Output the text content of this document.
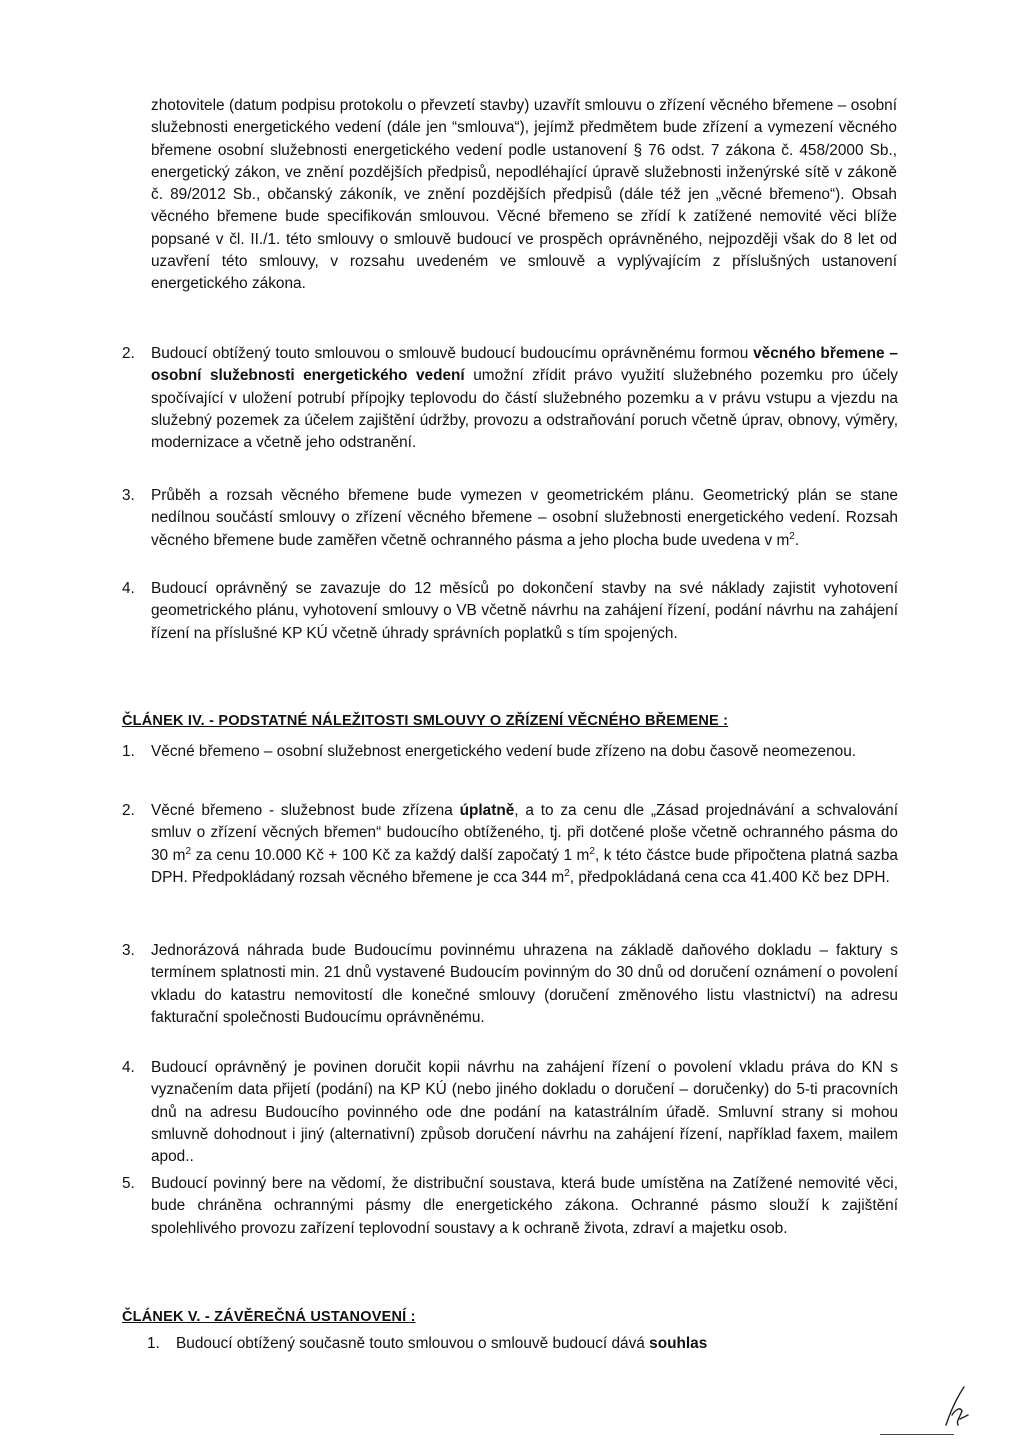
zhotovitele (datum podpisu protokolu o převzetí stavby) uzavřít smlouvu o zřízení věcného břemene – osobní služebnosti energetického vedení (dále jen “smlouva“), jejímž předmětem bude zřízení a vymezení věcného břemene osobní služebnosti energetického vedení podle ustanovení § 76 odst. 7 zákona č. 458/2000 Sb., energetický zákon, ve znění pozdějších předpisů, nepodléhající úpravě služebnosti inženýrské sítě v zákoně č. 89/2012 Sb., občanský zákoník, ve znění pozdějších předpisů (dále též jen „věcné břemeno“). Obsah věcného břemene bude specifikován smlouvou. Věcné břemeno se zřídí k zatížené nemovité věci blíže popsané v čl. II./1. této smlouvy o smlouvě budoucí ve prospěch oprávněného, nejpozději však do 8 let od uzavření této smlouvy, v rozsahu uvedeném ve smlouvě a vyplývajícím z příslušných ustanovení energetického zákona.
2.	Budoucí obtížený touto smlouvou o smlouvě budoucí budoucímu oprávněnému formou věcného břemene – osobní služebnosti energetického vedení umožní zřídit právo využití služebného pozemku pro účely spočívající v uložení potrubí přípojky teplovodu do částí služebného pozemku a v právu vstupu a vjezdu na služebný pozemek za účelem zajištění údržby, provozu a odstraňování poruch včetně úprav, obnovy, výměry, modernizace a včetně jeho odstranění.
3.	Průběh a rozsah věcného břemene bude vymezen v geometrickém plánu. Geometrický plán se stane nedílnou součástí smlouvy o zřízení věcného břemene – osobní služebnosti energetického vedení. Rozsah věcného břemene bude zaměřen včetně ochranného pásma a jeho plocha bude uvedena v $m^2$.
4.	Budoucí oprávněný se zavazuje do 12 měsíců po dokončení stavby na své náklady zajistit vyhotovení geometrického plánu, vyhotovení smlouvy o VB včetně návrhu na zahájení řízení, podání návrhu na zahájení řízení na příslušné KP KÚ včetně úhrady správních poplatků s tím spojených.
ČLÁNEK IV. - PODSTATNÉ NÁLEŽITOSTI SMLOUVY O ZŘÍZENÍ VĚCNÉHO BŘEMENE :
1.	Věcné břemeno – osobní služebnost energetického vedení bude zřízeno na dobu časově neomezenou.
2.	Věcné břemeno - služebnost bude zřízena úplatně, a to za cenu dle „Zásad projednávání a schvalování smluv o zřízení věcných břemen“ budoucího obtíženého, tj. při dotčené ploše včetně ochranného pásma do 30 $m^2$ za cenu 10.000 Kč + 100 Kč za každý další započatý 1 $m^2$, k této částce bude připočtena platná sazba DPH. Předpokládaný rozsah věcného břemene je cca 344 $m^2$, předpokládaná cena cca 41.400 Kč bez DPH.
3.	Jednorázová náhrada bude Budoucímu povinnému uhrazena na základě daňového dokladu – faktury s termínem splatnosti min. 21 dnů vystavené Budoucím povinným do 30 dnů od doručení oznámení o povolení vkladu do katastru nemovitostí dle konečné smlouvy (doručení změnového listu vlastnictví) na adresu fakturační společnosti Budoucímu oprávněnému.
4.	Budoucí oprávněný je povinen doručit kopii návrhu na zahájení řízení o povolení vkladu práva do KN s vyznačením data přijetí (podání) na KP KÚ (nebo jiného dokladu o doručení – doručenky) do 5-ti pracovních dnů na adresu Budoucího povinného ode dne podání na katastrálním úřadě. Smluvní strany si mohou smluvně dohodnout i jiný (alternativní) způsob doručení návrhu na zahájení řízení, například faxem, mailem apod..
5.	Budoucí povinný bere na vědomí, že distribuční soustava, která bude umístěna na Zatížené nemovité věci, bude chráněna ochrannými pásmy dle energetického zákona. Ochranné pásmo slouží k zajištění spolehlivého provozu zařízení teplovodní soustavy a k ochraně života, zdraví a majetku osob.
ČLÁNEK V. - ZÁVĚREČNÁ USTANOVENÍ :
1.	Budoucí obtížený současně touto smlouvou o smlouvě budoucí dává souhlas
